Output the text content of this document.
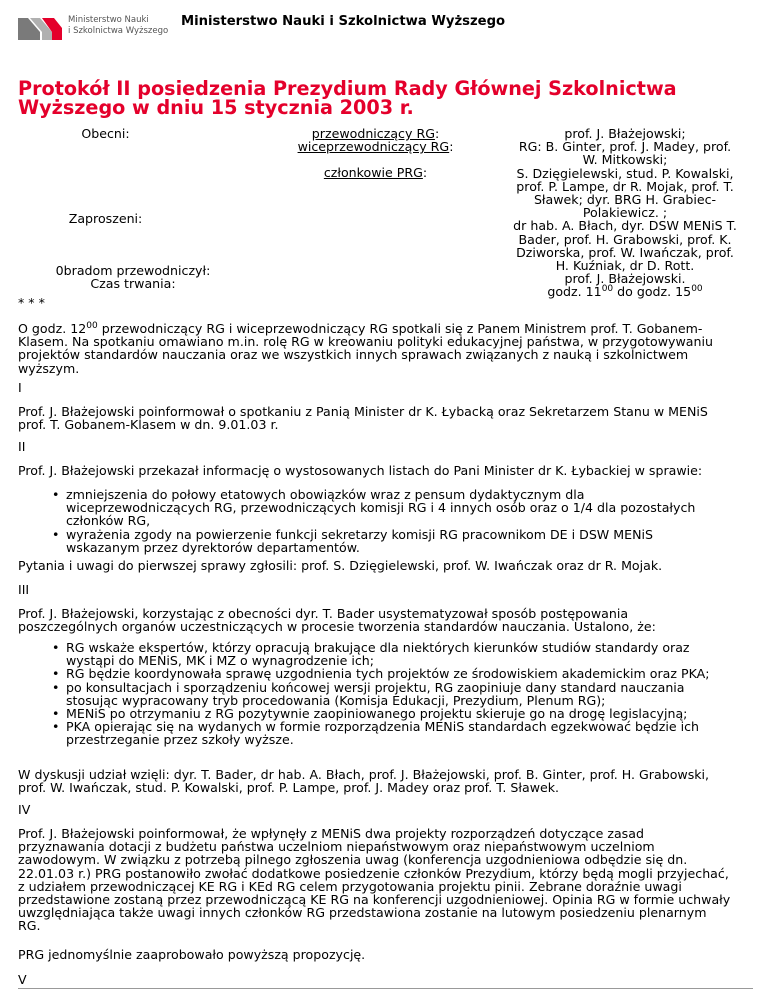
Ministerstwo Nauki
i Szkolnictwa Wyższego
Ministerstwo Nauki i Szkolnictwa Wyższego
Protokół II posiedzenia Prezydium Rady Głównej Szkolnictwa
Wyższego w dniu 15 stycznia 2003 r.
Obecni:
Zaproszeni:
0bradom przewodniczył:
Czas trwania:
przewodniczący RG:
wiceprzewodniczący RG:
członkowie PRG:
prof. J. Błażejowski;
RG: B. Ginter, prof. J. Madey, prof.
W. Mitkowski;
S. Dzięgielewski, stud. P. Kowalski,
prof. P. Lampe, dr R. Mojak, prof. T.
Sławek; dyr. BRG H. Grabiec-
Polakiewicz. ;
dr hab. A. Błach, dyr. DSW MENiS T.
Bader, prof. H. Grabowski, prof. K.
Dziworska, prof. W. Iwańczak, prof.
H. Kuźniak, dr D. Rott.
prof. J. Błażejowski.
godz. $11^{00}$ do godz. $15^{00}$
* * *
O godz. $12^{00}$ przewodniczący RG i wiceprzewodniczący RG spotkali się z Panem Ministrem prof. T. Gobanem-
Klasem. Na spotkaniu omawiano m.in. rolę RG w kreowaniu polityki edukacyjnej państwa, w przygotowywaniu
projektów standardów nauczania oraz we wszystkich innych sprawach związanych z nauką i szkolnictwem
wyższym.
I
Prof. J. Błażejowski poinformował o spotkaniu z Panią Minister dr K. Łybacką oraz Sekretarzem Stanu w MENiS
prof. T. Gobanem-Klasem w dn. 9.01.03 r.
II
Prof. J. Błażejowski przekazał informację o wystosowanych listach do Pani Minister dr K. Łybackiej w sprawie:
• zmniejszenia do połowy etatowych obowiązków wraz z pensum dydaktycznym dla
wiceprzewodniczących RG, przewodniczących komisji RG i 4 innych osób oraz o 1/4 dla pozostałych
członków RG,
• wyrażenia zgody na powierzenie funkcji sekretarzy komisji RG pracownikom DE i DSW MENiS
wskazanym przez dyrektorów departamentów.
Pytania i uwagi do pierwszej sprawy zgłosili: prof. S. Dzięgielewski, prof. W. Iwańczak oraz dr R. Mojak.
III
Prof. J. Błażejowski, korzystając z obecności dyr. T. Bader usystematyzował sposób postępowania
poszczególnych organów uczestniczących w procesie tworzenia standardów nauczania. Ustalono, że:
• RG wskaże ekspertów, którzy opracują brakujące dla niektórych kierunków studiów standardy oraz
wystąpi do MENiS, MK i MZ o wynagrodzenie ich;
• RG będzie koordynowała sprawę uzgodnienia tych projektów ze środowiskiem akademickim oraz PKA;
• po konsultacjach i sporządzeniu końcowej wersji projektu, RG zaopiniuje dany standard nauczania
stosując wypracowany tryb procedowania (Komisja Edukacji, Prezydium, Plenum RG);
• MENiS po otrzymaniu z RG pozytywnie zaopiniowanego projektu skieruje go na drogę legislacyjną;
• PKA opierając się na wydanych w formie rozporządzenia MENiS standardach egzekwować będzie ich
przestrzeganie przez szkoły wyższe.
W dyskusji udział wzięli: dyr. T. Bader, dr hab. A. Błach, prof. J. Błażejowski, prof. B. Ginter, prof. H. Grabowski,
prof. W. Iwańczak, stud. P. Kowalski, prof. P. Lampe, prof. J. Madey oraz prof. T. Sławek.
IV
Prof. J. Błażejowski poinformował, że wpłynęły z MENiS dwa projekty rozporządzeń dotyczące zasad
przyznawania dotacji z budżetu państwa uczelniom niepaństwowym oraz niepaństwowym uczelniom
zawodowym. W związku z potrzebą pilnego zgłoszenia uwag (konferencja uzgodnieniowa odbędzie się dn.
22.01.03 r.) PRG postanowiło zwołać dodatkowe posiedzenie członków Prezydium, którzy będą mogli przyjechać,
z udziałem przewodniczącej KE RG i KEd RG celem przygotowania projektu pinii. Zebrane doraźnie uwagi
przedstawione zostaną przez przewodniczącą KE RG na konferencji uzgodnieniowej. Opinia RG w formie uchwały
uwzględniająca także uwagi innych członków RG przedstawiona zostanie na lutowym posiedzeniu plenarnym
RG.
PRG jednomyślnie zaaprobowało powyższą propozycję.
V
